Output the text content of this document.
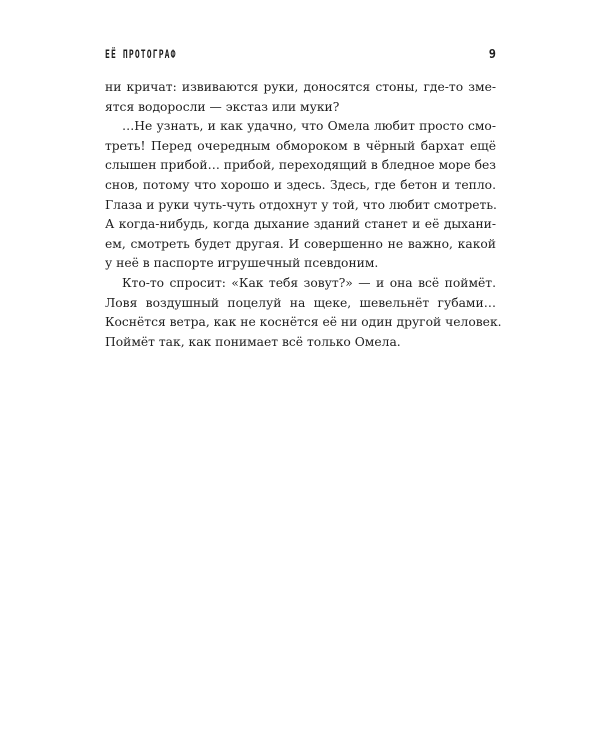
ЕЁ ПРОТОГРАФ	9
ни кричат: извиваются руки, доносятся стоны, где-то зме-
ятся водоросли — экстаз или муки?
…Не узнать, и как удачно, что Омела любит просто смо-
треть! Перед очередным обмороком в чёрный бархат ещё
слышен прибой… прибой, переходящий в бледное море без
снов, потому что хорошо и здесь. Здесь, где бетон и тепло.
Глаза и руки чуть-чуть отдохнут у той, что любит смотреть.
А когда-нибудь, когда дыхание зданий станет и её дыхани-
ем, смотреть будет другая. И совершенно не важно, какой
у неё в паспорте игрушечный псевдоним.
Кто-то спросит: «Как тебя зовут?» — и она всё поймёт.
Ловя воздушный поцелуй на щеке, шевельнёт губами…
Коснётся ветра, как не коснётся её ни один другой человек.
Поймёт так, как понимает всё только Омела.
